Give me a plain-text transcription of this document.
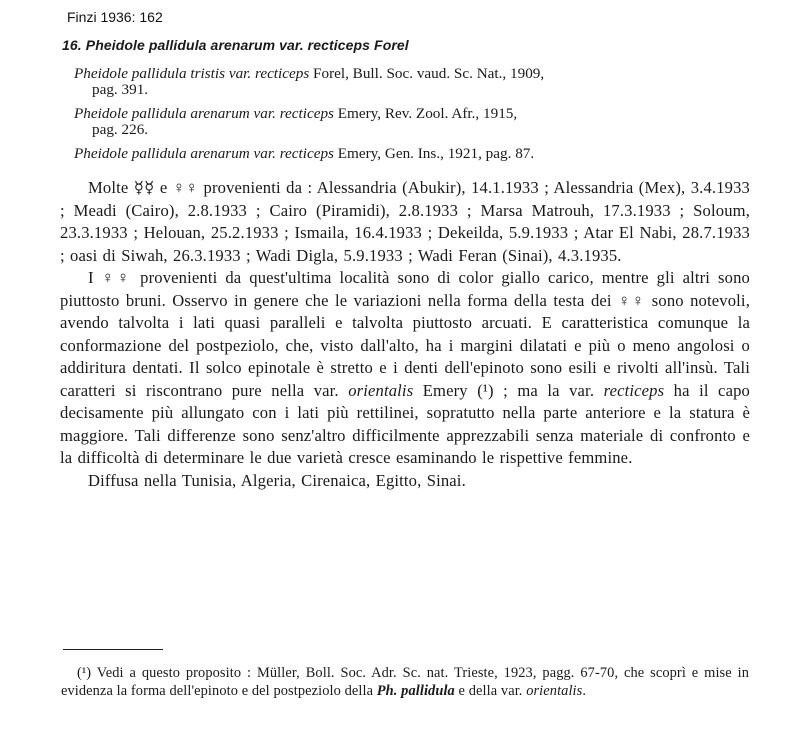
Finzi 1936: 162
16. Pheidole pallidula arenarum var. recticeps Forel
Pheidole pallidula tristis var. recticeps Forel, Bull. Soc. vaud. Sc. Nat., 1909,
pag. 391.
Pheidole pallidula arenarum var. recticeps Emery, Rev. Zool. Afr., 1915,
pag. 226.
Pheidole pallidula arenarum var. recticeps Emery, Gen. Ins., 1921, pag. 87.

Molte ☿☿ e ♀♀ provenienti da : Alessandria (Abukir), 14.1.1933 ; Alessandria (Mex), 3.4.1933 ; Meadi (Cairo), 2.8.1933 ; Cairo (Piramidi), 2.8.1933 ; Marsa Matrouh, 17.3.1933 ; Soloum, 23.3.1933 ; Helouan, 25.2.1933 ; Ismaila, 16.4.1933 ; Dekeilda, 5.9.1933 ; Atar El Nabi, 28.7.1933 ; oasi di Siwah, 26.3.1933 ; Wadi Digla, 5.9.1933 ; Wadi Feran (Sinai), 4.3.1935.

I ♀♀ provenienti da quest'ultima località sono di color giallo carico, mentre gli altri sono piuttosto bruni. Osservo in genere che le variazioni nella forma della testa dei ♀♀ sono notevoli, avendo talvolta i lati quasi paralleli e talvolta piuttosto arcuati. E caratteristica comunque la conformazione del postpeziolo, che, visto dall'alto, ha i margini dilatati e più o meno angolosi o addiritura dentati. Il solco epinotale è stretto e i denti dell'epinoto sono esili e rivolti all'insù. Tali caratteri si riscontrano pure nella var. orientalis Emery (¹) ; ma la var. recticeps ha il capo decisamente più allungato con i lati più rettilinei, sopratutto nella parte anteriore e la statura è maggiore. Tali differenze sono senz'altro difficilmente apprezzabili senza materiale di confronto e la difficoltà di determinare le due varietà cresce esaminando le rispettive femmine.

Diffusa nella Tunisia, Algeria, Cirenaica, Egitto, Sinai.

(¹) Vedi a questo proposito : Müller, Boll. Soc. Adr. Sc. nat. Trieste, 1923, pagg. 67-70, che scoprì e mise in evidenza la forma dell'epinoto e del postpeziolo della Ph. pallidula e della var. orientalis.
